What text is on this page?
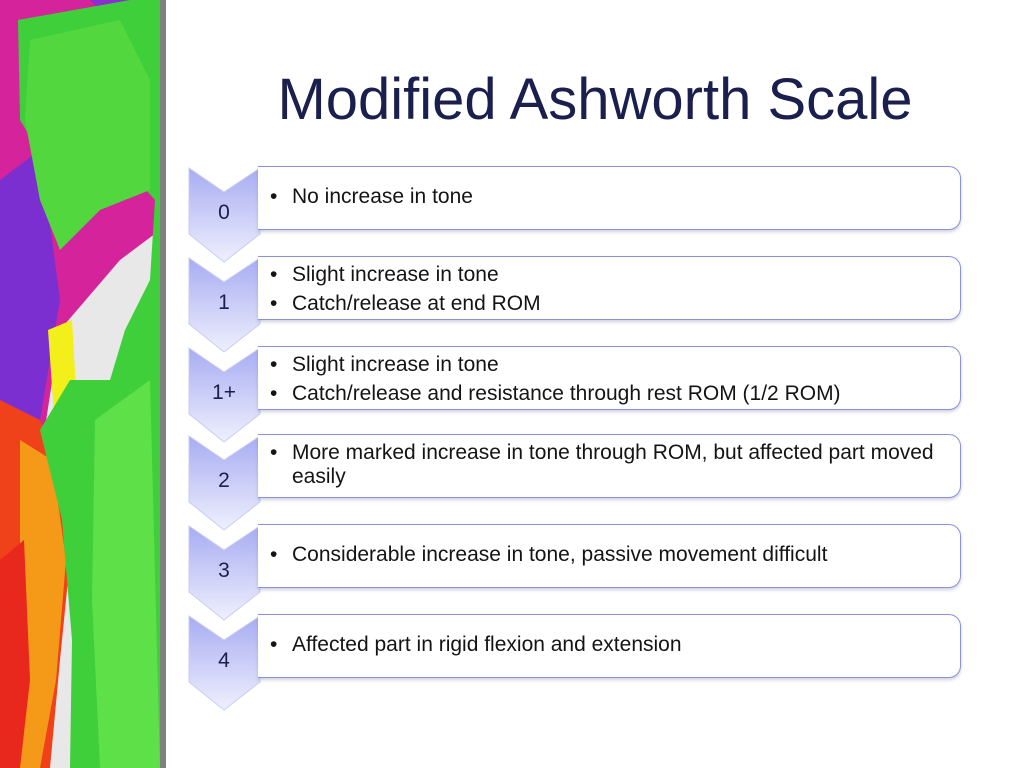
Modified Ashworth Scale
0
• No increase in tone
1
• Slight increase in tone
• Catch/release at end ROM
1+
• Slight increase in tone
• Catch/release and resistance through rest ROM (1/2 ROM)
2
• More marked increase in tone through ROM, but affected part moved easily
3
• Considerable increase in tone, passive movement difficult
4
• Affected part in rigid flexion and extension
